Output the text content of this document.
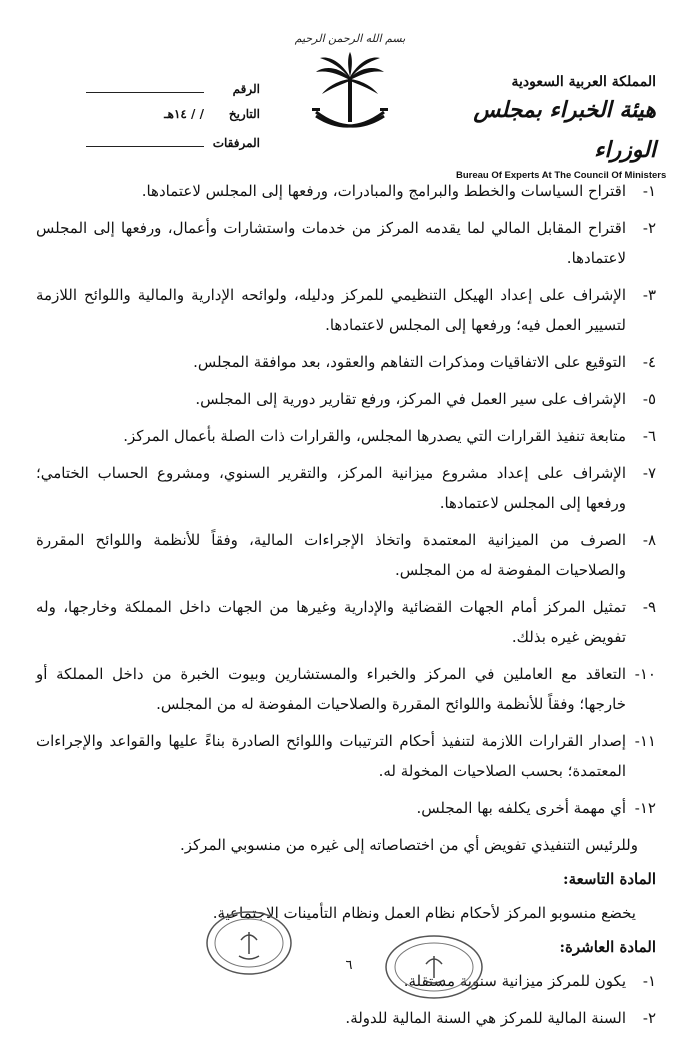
بسم الله الرحمن الرحيم
المملكة العربية السعودية
هيئة الخبراء بمجلس الوزراء
Bureau Of Experts At The Council Of Ministers
الرقم
التاريخ
/ / ١٤هـ
المرفقات
١-
اقتراح السياسات والخطط والبرامج والمبادرات، ورفعها إلى المجلس لاعتمادها.
٢-
اقتراح المقابل المالي لما يقدمه المركز من خدمات واستشارات وأعمال، ورفعها إلى المجلس لاعتمادها.
٣-
الإشراف على إعداد الهيكل التنظيمي للمركز ودليله، ولوائحه الإدارية والمالية واللوائح اللازمة لتسيير العمل فيه؛ ورفعها إلى المجلس لاعتمادها.
٤-
التوقيع على الاتفاقيات ومذكرات التفاهم والعقود، بعد موافقة المجلس.
٥-
الإشراف على سير العمل في المركز، ورفع تقارير دورية إلى المجلس.
٦-
متابعة تنفيذ القرارات التي يصدرها المجلس، والقرارات ذات الصلة بأعمال المركز.
٧-
الإشراف على إعداد مشروع ميزانية المركز، والتقرير السنوي، ومشروع الحساب الختامي؛ ورفعها إلى المجلس لاعتمادها.
٨-
الصرف من الميزانية المعتمدة واتخاذ الإجراءات المالية، وفقاً للأنظمة واللوائح المقررة والصلاحيات المفوضة له من المجلس.
٩-
تمثيل المركز أمام الجهات القضائية والإدارية وغيرها من الجهات داخل المملكة وخارجها، وله تفويض غيره بذلك.
١٠-
التعاقد مع العاملين في المركز والخبراء والمستشارين وبيوت الخبرة من داخل المملكة أو خارجها؛ وفقاً للأنظمة واللوائح المقررة والصلاحيات المفوضة له من المجلس.
١١-
إصدار القرارات اللازمة لتنفيذ أحكام الترتيبات واللوائح الصادرة بناءً عليها والقواعد والإجراءات المعتمدة؛ بحسب الصلاحيات المخولة له.
١٢-
أي مهمة أخرى يكلفه بها المجلس.
وللرئيس التنفيذي تفويض أي من اختصاصاته إلى غيره من منسوبي المركز.
المادة التاسعة:
يخضع منسوبو المركز لأحكام نظام العمل ونظام التأمينات الاجتماعية.
المادة العاشرة:
١-
يكون للمركز ميزانية سنوية مستقلة.
٢-
السنة المالية للمركز هي السنة المالية للدولة.
٦
